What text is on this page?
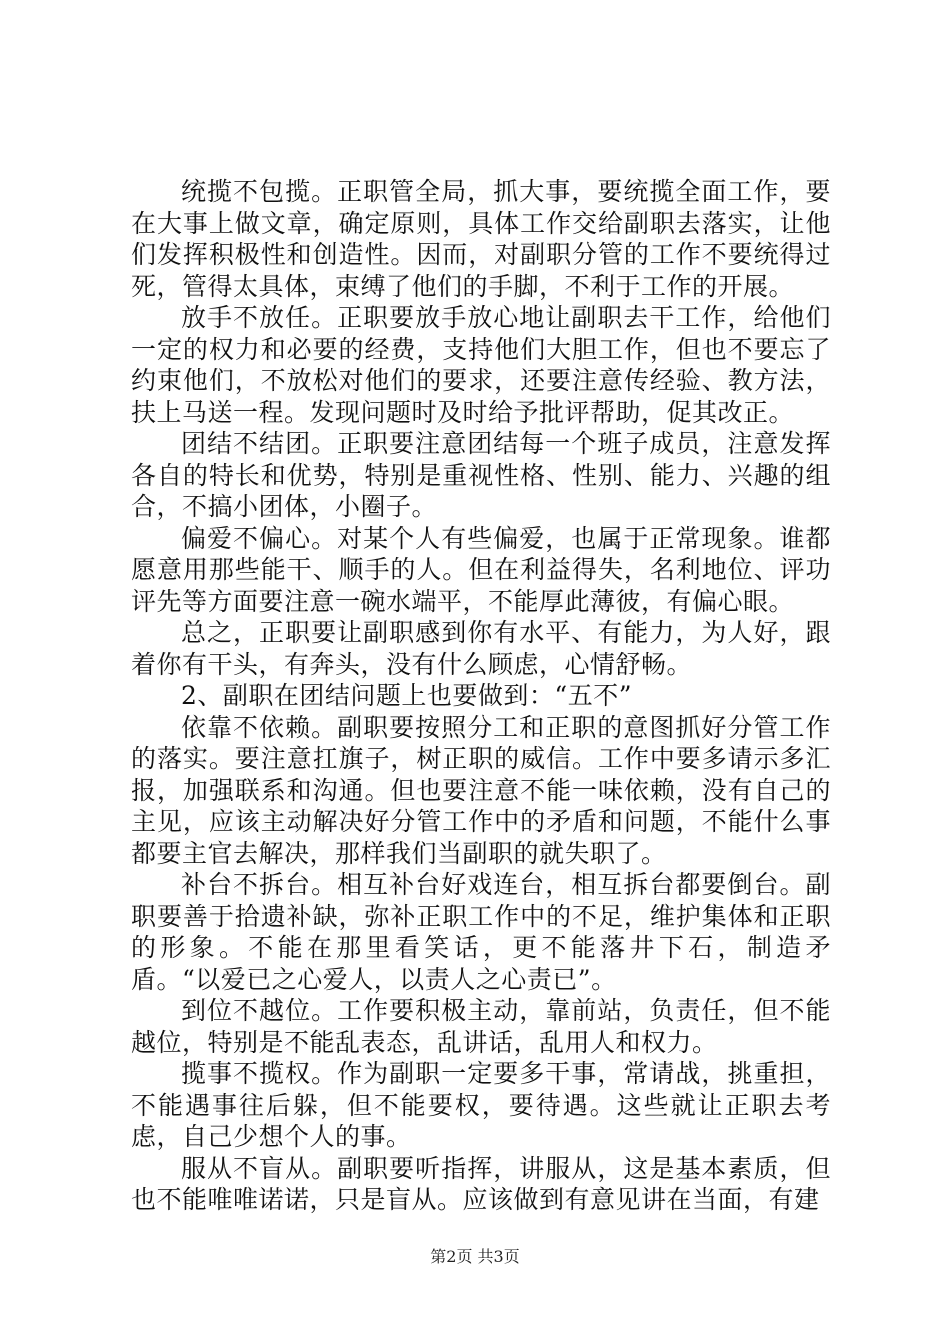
统揽不包揽。正职管全局，抓大事，要统揽全面工作，要在大事上做文章，确定原则，具体工作交给副职去落实，让他们发挥积极性和创造性。因而，对副职分管的工作不要统得过死，管得太具体，束缚了他们的手脚，不利于工作的开展。

放手不放任。正职要放手放心地让副职去干工作，给他们一定的权力和必要的经费，支持他们大胆工作，但也不要忘了约束他们，不放松对他们的要求，还要注意传经验、教方法，扶上马送一程。发现问题时及时给予批评帮助，促其改正。

团结不结团。正职要注意团结每一个班子成员，注意发挥各自的特长和优势，特别是重视性格、性别、能力、兴趣的组合，不搞小团体，小圈子。

偏爱不偏心。对某个人有些偏爱，也属于正常现象。谁都愿意用那些能干、顺手的人。但在利益得失，名利地位、评功评先等方面要注意一碗水端平，不能厚此薄彼，有偏心眼。

总之，正职要让副职感到你有水平、有能力，为人好，跟着你有干头，有奔头，没有什么顾虑，心情舒畅。

2、副职在团结问题上也要做到：“五不”

依靠不依赖。副职要按照分工和正职的意图抓好分管工作的落实。要注意扛旗子，树正职的威信。工作中要多请示多汇报，加强联系和沟通。但也要注意不能一味依赖，没有自己的主见，应该主动解决好分管工作中的矛盾和问题，不能什么事都要主官去解决，那样我们当副职的就失职了。

补台不拆台。相互补台好戏连台，相互拆台都要倒台。副职要善于拾遗补缺，弥补正职工作中的不足，维护集体和正职的形象。不能在那里看笑话，更不能落井下石，制造矛盾。“以爱已之心爱人，以责人之心责已”。

到位不越位。工作要积极主动，靠前站，负责任，但不能越位，特别是不能乱表态，乱讲话，乱用人和权力。

揽事不揽权。作为副职一定要多干事，常请战，挑重担，不能遇事往后躲，但不能要权，要待遇。这些就让正职去考虑，自己少想个人的事。

服从不盲从。副职要听指挥，讲服从，这是基本素质，但也不能唯唯诺诺，只是盲从。应该做到有意见讲在当面，有建

第2页 共3页
